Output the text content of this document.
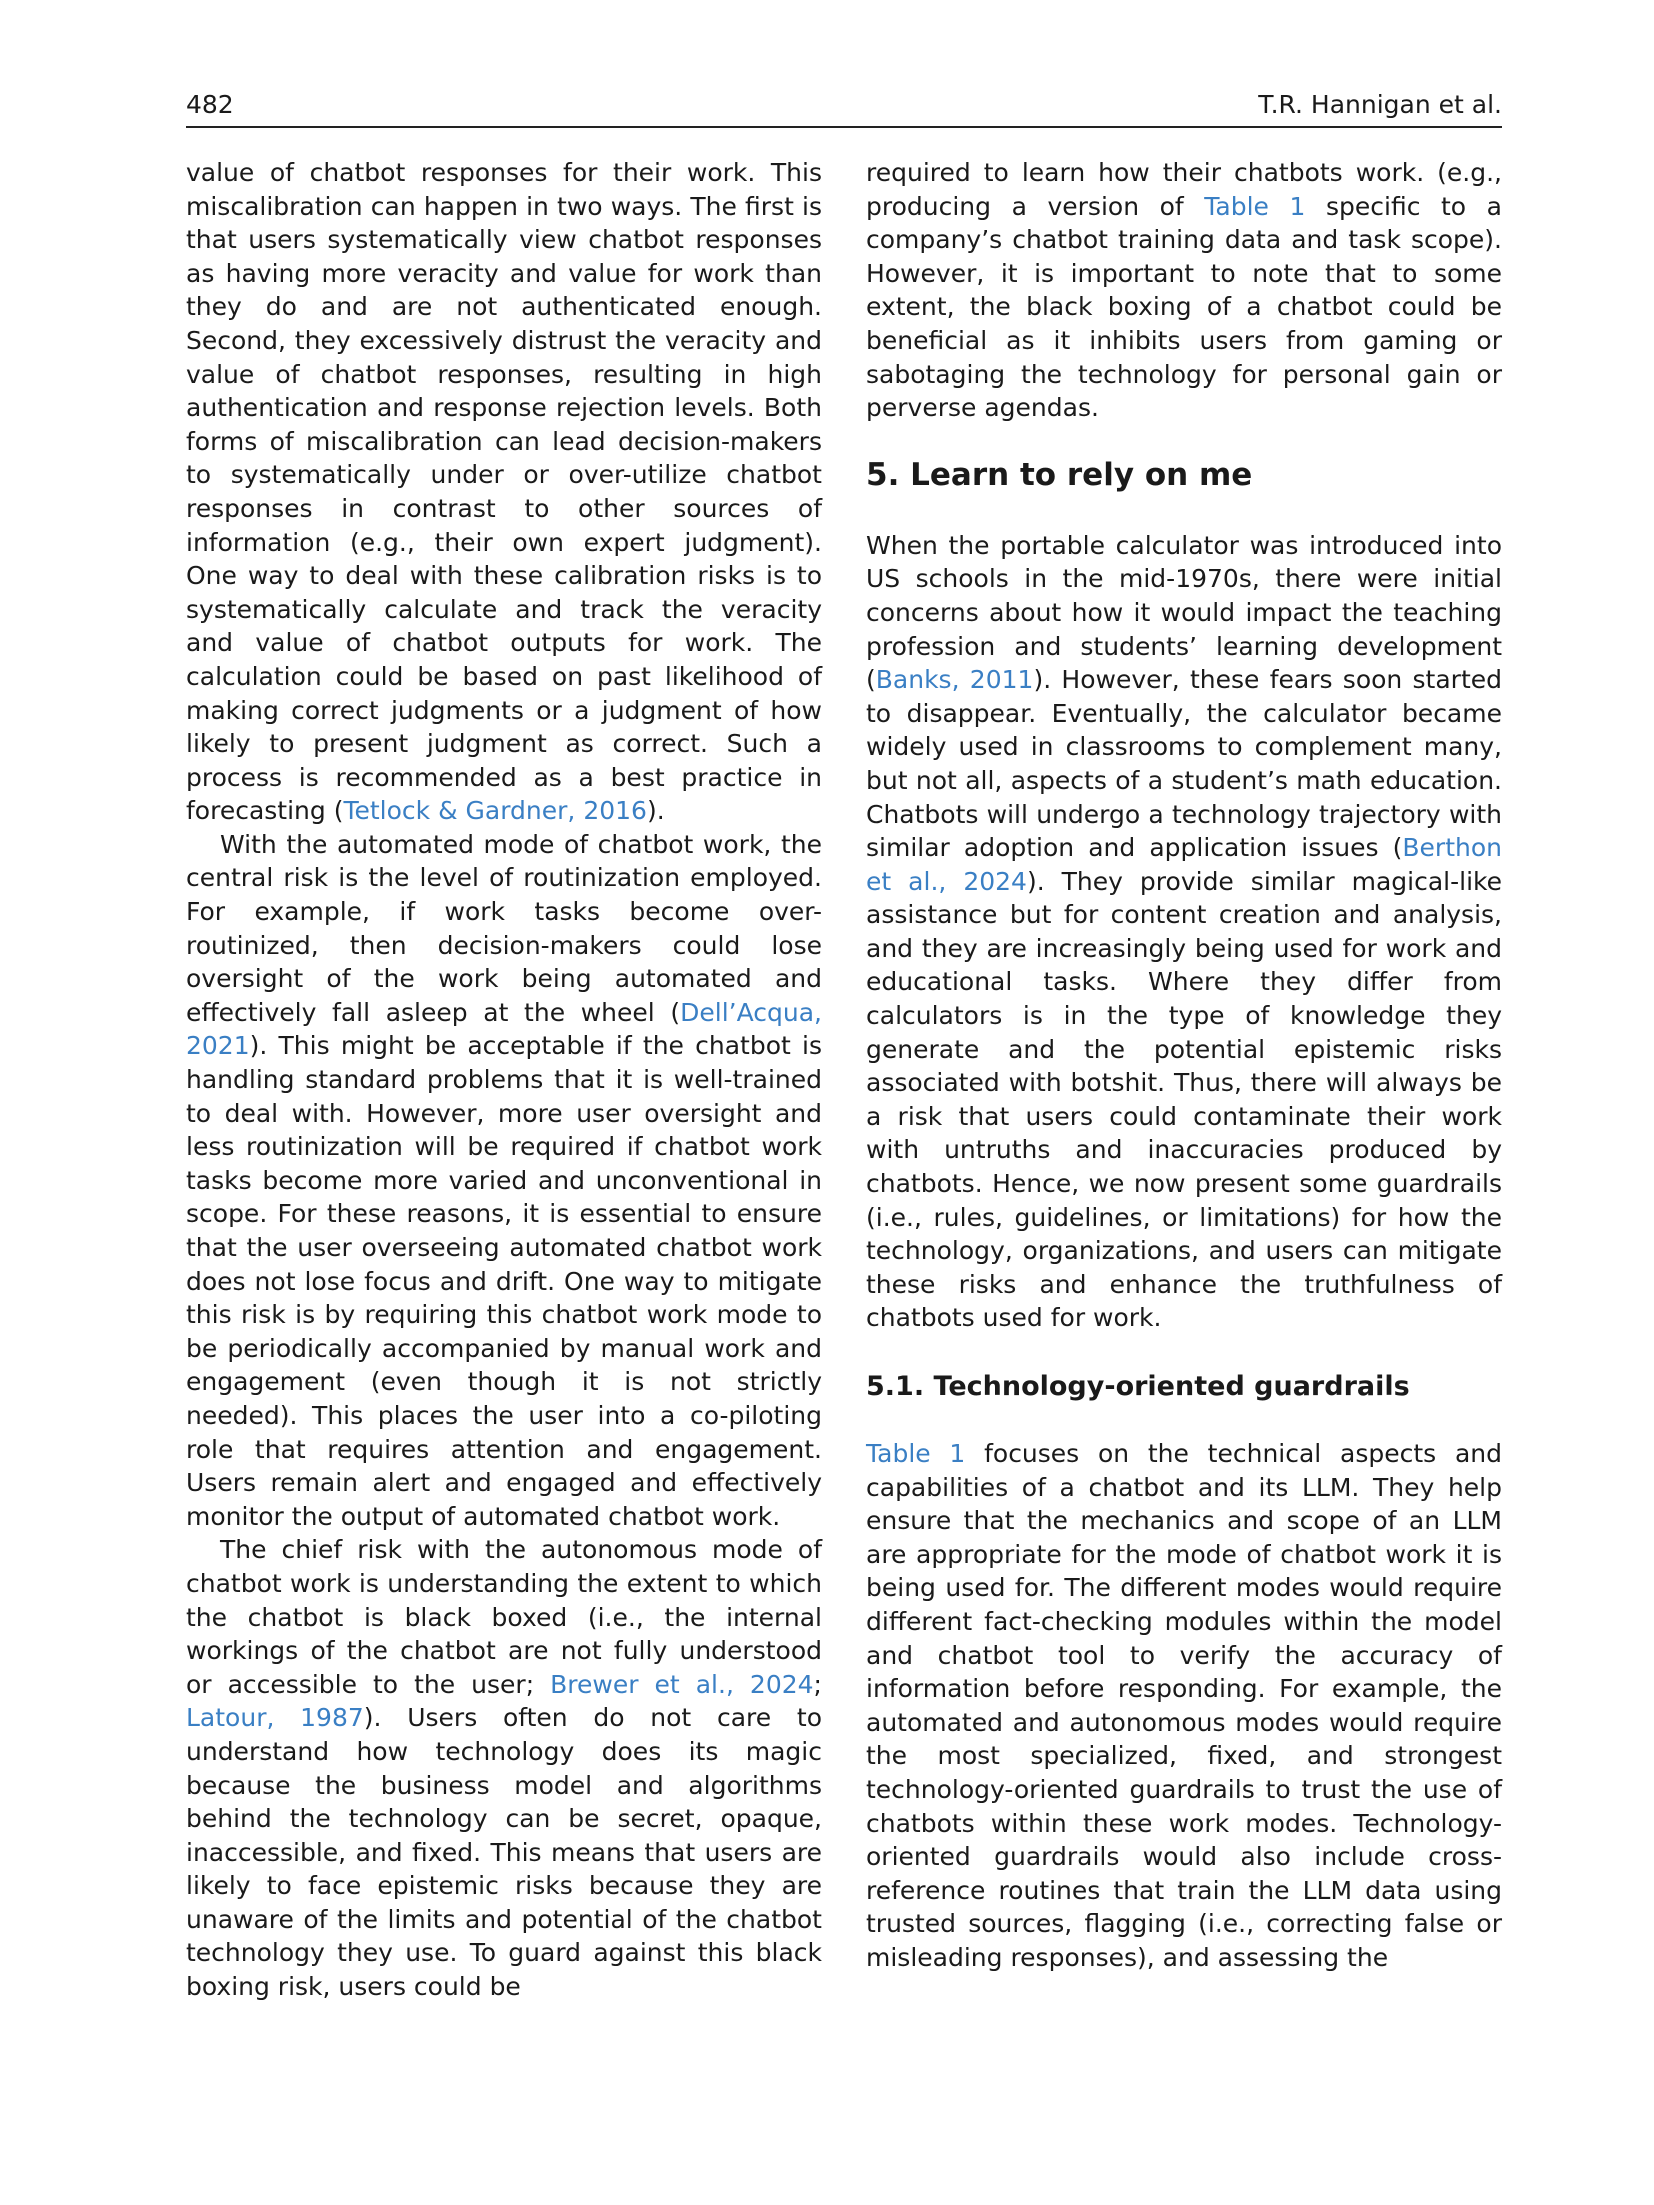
482	T.R. Hannigan et al.

value of chatbot responses for their work. This miscalibration can happen in two ways. The first is that users systematically view chatbot responses as having more veracity and value for work than they do and are not authenticated enough. Second, they excessively distrust the veracity and value of chatbot responses, resulting in high authentication and response rejection levels. Both forms of miscalibration can lead decision-makers to systematically under or over-utilize chatbot responses in contrast to other sources of information (e.g., their own expert judgment). One way to deal with these calibration risks is to systematically calculate and track the veracity and value of chatbot outputs for work. The calculation could be based on past likelihood of making correct judgments or a judgment of how likely to present judgment as correct. Such a process is recommended as a best practice in forecasting (Tetlock & Gardner, 2016).

With the automated mode of chatbot work, the central risk is the level of routinization employed. For example, if work tasks become over-routinized, then decision-makers could lose oversight of the work being automated and effectively fall asleep at the wheel (Dell’Acqua, 2021). This might be acceptable if the chatbot is handling standard problems that it is well-trained to deal with. However, more user oversight and less routinization will be required if chatbot work tasks become more varied and unconventional in scope. For these reasons, it is essential to ensure that the user overseeing automated chatbot work does not lose focus and drift. One way to mitigate this risk is by requiring this chatbot work mode to be periodically accompanied by manual work and engagement (even though it is not strictly needed). This places the user into a co-piloting role that requires attention and engagement. Users remain alert and engaged and effectively monitor the output of automated chatbot work.

The chief risk with the autonomous mode of chatbot work is understanding the extent to which the chatbot is black boxed (i.e., the internal workings of the chatbot are not fully understood or accessible to the user; Brewer et al., 2024; Latour, 1987). Users often do not care to understand how technology does its magic because the business model and algorithms behind the technology can be secret, opaque, inaccessible, and fixed. This means that users are likely to face epistemic risks because they are unaware of the limits and potential of the chatbot technology they use. To guard against this black boxing risk, users could be

required to learn how their chatbots work. (e.g., producing a version of Table 1 specific to a company’s chatbot training data and task scope). However, it is important to note that to some extent, the black boxing of a chatbot could be beneficial as it inhibits users from gaming or sabotaging the technology for personal gain or perverse agendas.

5. Learn to rely on me

When the portable calculator was introduced into US schools in the mid-1970s, there were initial concerns about how it would impact the teaching profession and students’ learning development (Banks, 2011). However, these fears soon started to disappear. Eventually, the calculator became widely used in classrooms to complement many, but not all, aspects of a student’s math education. Chatbots will undergo a technology trajectory with similar adoption and application issues (Berthon et al., 2024). They provide similar magical-like assistance but for content creation and analysis, and they are increasingly being used for work and educational tasks. Where they differ from calculators is in the type of knowledge they generate and the potential epistemic risks associated with botshit. Thus, there will always be a risk that users could contaminate their work with untruths and inaccuracies produced by chatbots. Hence, we now present some guardrails (i.e., rules, guidelines, or limitations) for how the technology, organizations, and users can mitigate these risks and enhance the truthfulness of chatbots used for work.

5.1. Technology-oriented guardrails

Table 1 focuses on the technical aspects and capabilities of a chatbot and its LLM. They help ensure that the mechanics and scope of an LLM are appropriate for the mode of chatbot work it is being used for. The different modes would require different fact-checking modules within the model and chatbot tool to verify the accuracy of information before responding. For example, the automated and autonomous modes would require the most specialized, fixed, and strongest technology-oriented guardrails to trust the use of chatbots within these work modes. Technology-oriented guardrails would also include cross-reference routines that train the LLM data using trusted sources, flagging (i.e., correcting false or misleading responses), and assessing the
